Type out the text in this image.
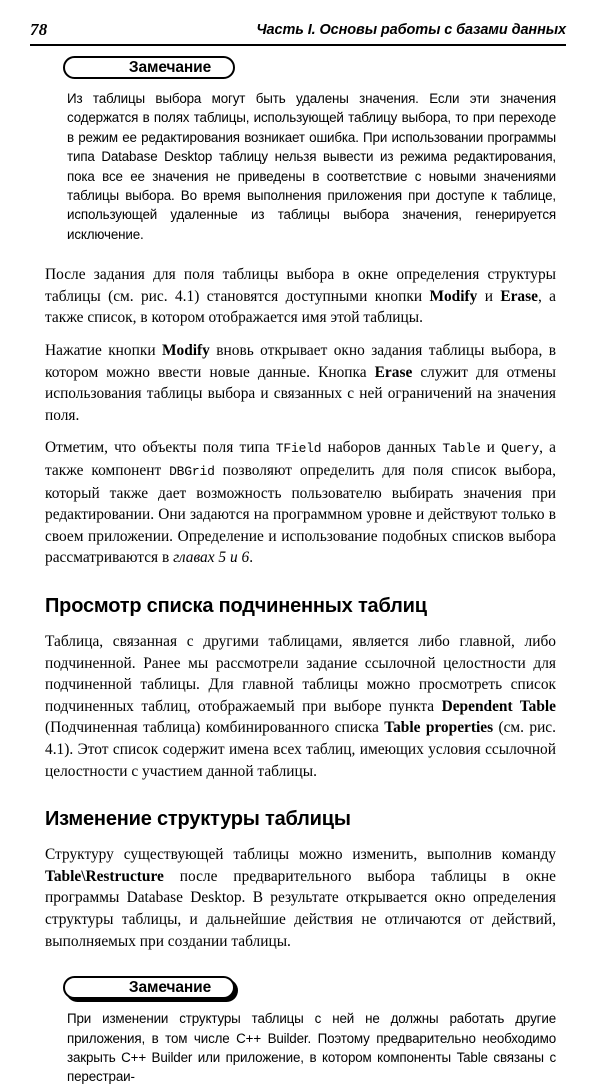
78	Часть I. Основы работы с базами данных
Замечание
Из таблицы выбора могут быть удалены значения. Если эти значения содержатся в полях таблицы, использующей таблицу выбора, то при переходе в режим ее редактирования возникает ошибка. При использовании программы типа Database Desktop таблицу нельзя вывести из режима редактирования, пока все ее значения не приведены в соответствие с новыми значениями таблицы выбора. Во время выполнения приложения при доступе к таблице, использующей удаленные из таблицы выбора значения, генерируется исключение.

После задания для поля таблицы выбора в окне определения структуры таблицы (см. рис. 4.1) становятся доступными кнопки Modify и Erase, а также список, в котором отображается имя этой таблицы.

Нажатие кнопки Modify вновь открывает окно задания таблицы выбора, в котором можно ввести новые данные. Кнопка Erase служит для отмены использования таблицы выбора и связанных с ней ограничений на значения поля.

Отметим, что объекты поля типа TField наборов данных Table и Query, а также компонент DBGrid позволяют определить для поля список выбора, который также дает возможность пользователю выбирать значения при редактировании. Они задаются на программном уровне и действуют только в своем приложении. Определение и использование подобных списков выбора рассматриваются в главах 5 и 6.

Просмотр списка подчиненных таблиц

Таблица, связанная с другими таблицами, является либо главной, либо подчиненной. Ранее мы рассмотрели задание ссылочной целостности для подчиненной таблицы. Для главной таблицы можно просмотреть список подчиненных таблиц, отображаемый при выборе пункта Dependent Table (Подчиненная таблица) комбинированного списка Table properties (см. рис. 4.1). Этот список содержит имена всех таблиц, имеющих условия ссылочной целостности с участием данной таблицы.

Изменение структуры таблицы

Структуру существующей таблицы можно изменить, выполнив команду Table\Restructure после предварительного выбора таблицы в окне программы Database Desktop. В результате открывается окно определения структуры таблицы, и дальнейшие действия не отличаются от действий, выполняемых при создании таблицы.

Замечание
При изменении структуры таблицы с ней не должны работать другие приложения, в том числе C++ Builder. Поэтому предварительно необходимо закрыть C++ Builder или приложение, в котором компоненты Table связаны с перестраи-
